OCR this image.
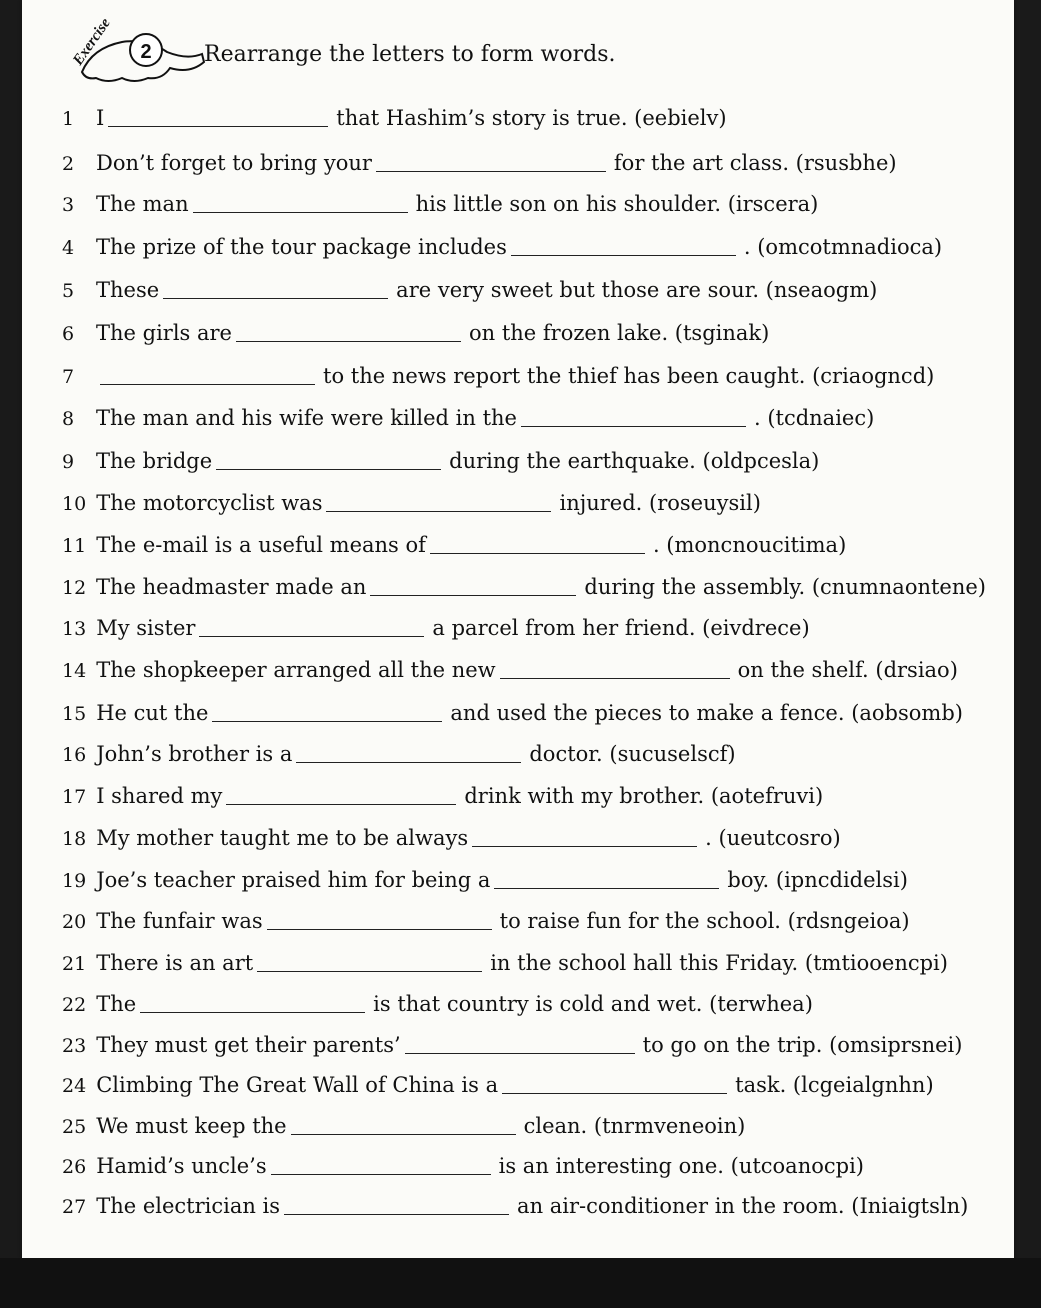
2
Exercise	Rearrange the letters to form words.
1	I	that Hashim’s story is true. (eebielv)
2	Don’t forget to bring your	for the art class. (rsusbhe)
3	The man	his little son on his shoulder. (irscera)
4	The prize of the tour package includes	. (omcotmnadioca)
5	These	are very sweet but those are sour. (nseaogm)
6	The girls are	on the frozen lake. (tsginak)
7	to the news report the thief has been caught. (criaogncd)
8	The man and his wife were killed in the	. (tcdnaiec)
9	The bridge	during the earthquake. (oldpcesla)
10 The motorcyclist was	injured. (roseuysil)
11 The e-mail is a useful means of	. (moncnoucitima)
12 The headmaster made an	during the assembly. (cnumnaontene)
13 My sister	a parcel from her friend. (eivdrece)
14 The shopkeeper arranged all the new	on the shelf. (drsiao)
15 He cut the	and used the pieces to make a fence. (aobsomb)
16 John’s brother is a	doctor. (sucuselscf)
17 I shared my	drink with my brother. (aotefruvi)
18 My mother taught me to be always	. (ueutcosro)
19 Joe’s teacher praised him for being a	boy. (ipncdidelsi)
20 The funfair was	to raise fun for the school. (rdsngeioa)
21 There is an art	in the school hall this Friday. (tmtiooencpi)
22 The	is that country is cold and wet. (terwhea)
23 They must get their parents’	to go on the trip. (omsiprsnei)
24 Climbing The Great Wall of China is a	task. (lcgeialgnhn)
25 We must keep the	clean. (tnrmveneoin)
26 Hamid’s uncle’s	is an interesting one. (utcoanocpi)
27 The electrician is	an air-conditioner in the room. (Iniaigtsln)
